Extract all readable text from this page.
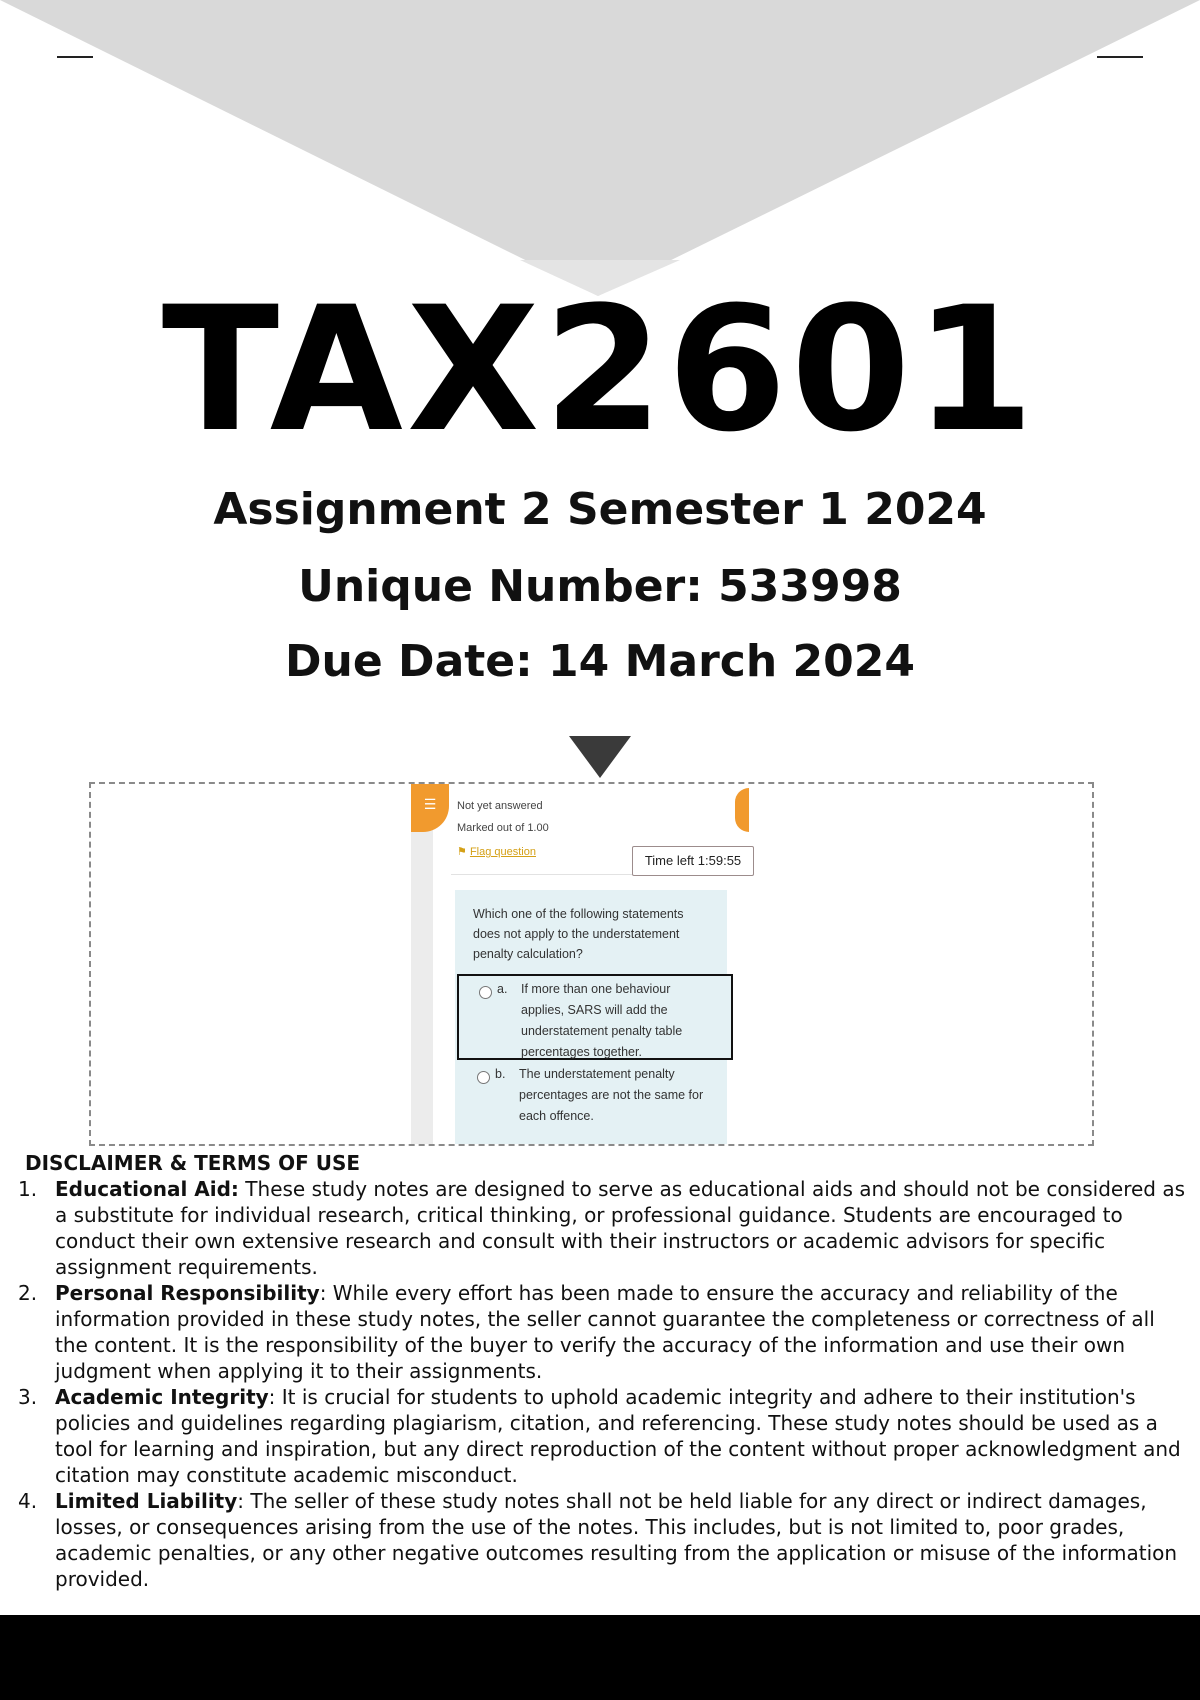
TAX2601
Assignment 2 Semester 1 2024
Unique Number: 533998
Due Date: 14 March 2024
☰ Not yet answered
Marked out of 1.00
⚑ Flag question
Time left 1:59:55
Which one of the following statements does not apply to the understatement penalty calculation?
a. If more than one behaviour applies, SARS will add the understatement penalty table percentages together.
b. The understatement penalty percentages are not the same for each offence.
DISCLAIMER & TERMS OF USE
1. Educational Aid: These study notes are designed to serve as educational aids and should not be considered as a substitute for individual research, critical thinking, or professional guidance. Students are encouraged to conduct their own extensive research and consult with their instructors or academic advisors for specific assignment requirements.
2. Personal Responsibility: While every effort has been made to ensure the accuracy and reliability of the information provided in these study notes, the seller cannot guarantee the completeness or correctness of all the content. It is the responsibility of the buyer to verify the accuracy of the information and use their own judgment when applying it to their assignments.
3. Academic Integrity: It is crucial for students to uphold academic integrity and adhere to their institution's policies and guidelines regarding plagiarism, citation, and referencing. These study notes should be used as a tool for learning and inspiration, but any direct reproduction of the content without proper acknowledgment and citation may constitute academic misconduct.
4. Limited Liability: The seller of these study notes shall not be held liable for any direct or indirect damages, losses, or consequences arising from the use of the notes. This includes, but is not limited to, poor grades, academic penalties, or any other negative outcomes resulting from the application or misuse of the information provided.
